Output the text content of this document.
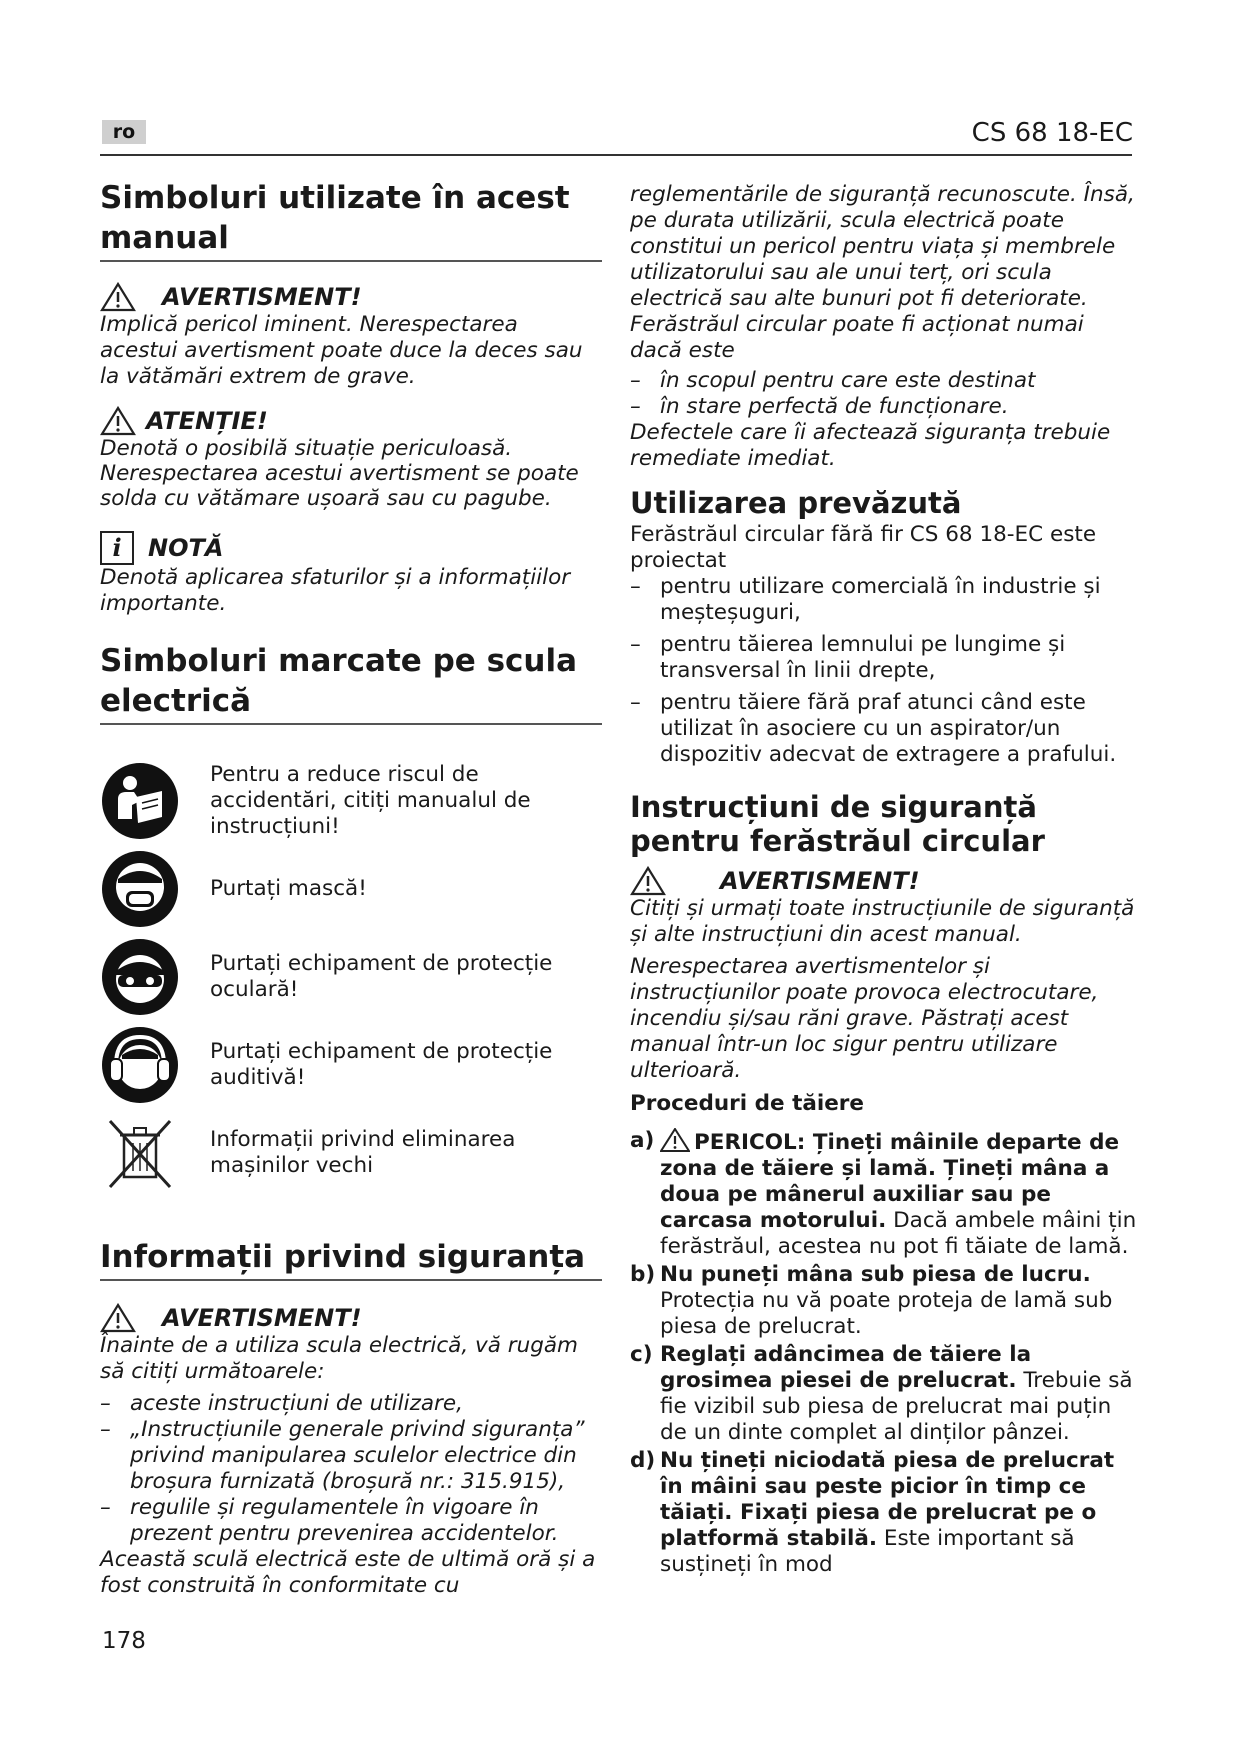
ro	CS 68 18-EC
Simboluri utilizate în acest manual
AVERTISMENT!

Implică pericol iminent. Nerespectarea acestui avertisment poate duce la deces sau la vătămări extrem de grave.

ATENȚIE!

Denotă o posibilă situație periculoasă. Nerespectarea acestui avertisment se poate solda cu vătămare ușoară sau cu pagube.

i	NOTĂ

Denotă aplicarea sfaturilor și a informațiilor importante.

Simboluri marcate pe scula electrică
Pentru a reduce riscul de accidentări, citiți manualul de instrucțiuni!
Purtați mască!
Purtați echipament de protecție oculară!
Purtați echipament de protecție auditivă!
Informații privind eliminarea mașinilor vechi
Informații privind siguranța
AVERTISMENT!

Înainte de a utiliza scula electrică, vă rugăm să citiți următoarele:

– aceste instrucțiuni de utilizare,
– „Instrucțiunile generale privind siguranța” privind manipularea sculelor electrice din broșura furnizată (broșură nr.: 315.915),
– regulile și regulamentele în vigoare în prezent pentru prevenirea accidentelor.

Această sculă electrică este de ultimă oră și a fost construită în conformitate cu

reglementările de siguranță recunoscute. Însă, pe durata utilizării, scula electrică poate constitui un pericol pentru viața și membrele utilizatorului sau ale unui terț, ori scula electrică sau alte bunuri pot fi deteriorate. Ferăstrăul circular poate fi acționat numai dacă este

– în scopul pentru care este destinat
– în stare perfectă de funcționare.

Defectele care îi afectează siguranța trebuie remediate imediat.

Utilizarea prevăzută

Ferăstrăul circular fără fir CS 68 18-EC este proiectat

– pentru utilizare comercială în industrie și meșteșuguri,
– pentru tăierea lemnului pe lungime și transversal în linii drepte,
– pentru tăiere fără praf atunci când este utilizat în asociere cu un aspirator/un dispozitiv adecvat de extragere a prafului.
Instrucțiuni de siguranță pentru ferăstrăul circular
AVERTISMENT!

Citiți și urmați toate instrucțiunile de siguranță și alte instrucțiuni din acest manual.

Nerespectarea avertismentelor și instrucțiunilor poate provoca electrocutare, incendiu și/sau răni grave. Păstrați acest manual într-un loc sigur pentru utilizare ulterioară.

Proceduri de tăiere

a) PERICOL: Țineți mâinile departe de zona de tăiere și lamă. Țineți mâna a doua pe mânerul auxiliar sau pe carcasa motorului. Dacă ambele mâini țin ferăstrăul, acestea nu pot fi tăiate de lamă.
b) Nu puneți mâna sub piesa de lucru. Protecția nu vă poate proteja de lamă sub piesa de prelucrat.
c) Reglați adâncimea de tăiere la grosimea piesei de prelucrat. Trebuie să fie vizibil sub piesa de prelucrat mai puțin de un dinte complet al dinților pânzei.
d) Nu țineți niciodată piesa de prelucrat în mâini sau peste picior în timp ce tăiați. Fixați piesa de prelucrat pe o platformă stabilă. Este important să susțineți în mod
178
